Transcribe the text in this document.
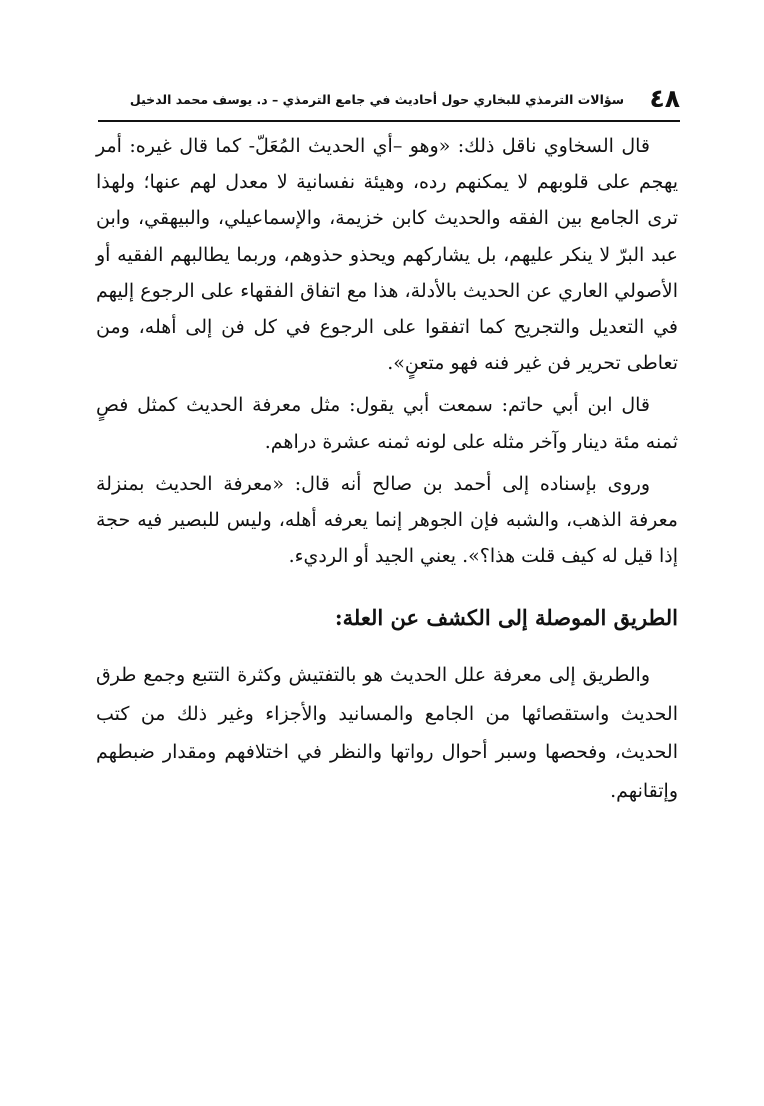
٤٨
سؤالات الترمذي للبخاري حول أحاديث في جامع الترمذي – د. يوسف محمد الدخيل

قال السخاوي ناقل ذلك: «وهو –أي الحديث المُعَلّ- كما قال غيره: أمر يهجم على قلوبهم لا يمكنهم رده، وهيئة نفسانية لا معدل لهم عنها؛ ولهذا ترى الجامع بين الفقه والحديث كابن خزيمة، والإسماعيلي، والبيهقي، وابن عبد البرّ لا ينكر عليهم، بل يشاركهم ويحذو حذوهم، وربما يطالبهم الفقيه أو الأصولي العاري عن الحديث بالأدلة، هذا مع اتفاق الفقهاء على الرجوع إليهم في التعديل والتجريح كما اتفقوا على الرجوع في كل فن إلى أهله، ومن تعاطى تحرير فن غير فنه فهو متعنٍ».

قال ابن أبي حاتم: سمعت أبي يقول: مثل معرفة الحديث كمثل فصٍ ثمنه مئة دينار وآخر مثله على لونه ثمنه عشرة دراهم.

وروى بإسناده إلى أحمد بن صالح أنه قال: «معرفة الحديث بمنزلة معرفة الذهب، والشبه فإن الجوهر إنما يعرفه أهله، وليس للبصير فيه حجة إذا قيل له كيف قلت هذا؟». يعني الجيد أو الرديء.

الطريق الموصلة إلى الكشف عن العلة:

والطريق إلى معرفة علل الحديث هو بالتفتيش وكثرة التتبع وجمع طرق الحديث واستقصائها من الجامع والمسانيد والأجزاء وغير ذلك من كتب الحديث، وفحصها وسبر أحوال رواتها والنظر في اختلافهم ومقدار ضبطهم وإتقانهم.
